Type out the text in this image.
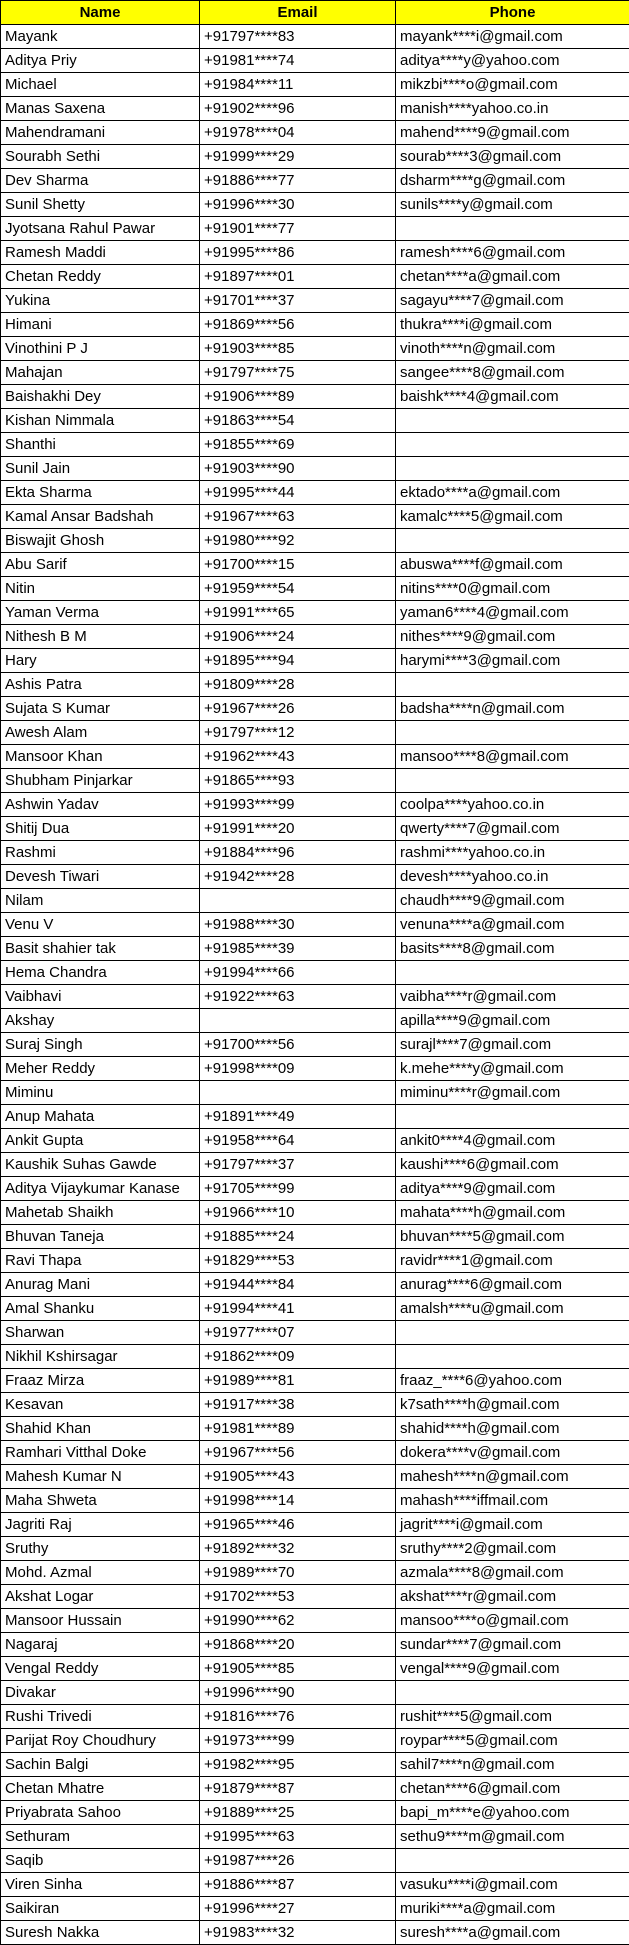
Name	Email	Phone
Mayank	+91797****83	mayank****i@gmail.com
Aditya Priy	+91981****74	aditya****y@yahoo.com
Michael	+91984****11	mikzbi****o@gmail.com
Manas Saxena	+91902****96	manish****yahoo.co.in
Mahendramani	+91978****04	mahend****9@gmail.com
Sourabh Sethi	+91999****29	sourab****3@gmail.com
Dev Sharma	+91886****77	dsharm****g@gmail.com
Sunil Shetty	+91996****30	sunils****y@gmail.com
Jyotsana Rahul Pawar	+91901****77	
Ramesh Maddi	+91995****86	ramesh****6@gmail.com
Chetan Reddy	+91897****01	chetan****a@gmail.com
Yukina	+91701****37	sagayu****7@gmail.com
Himani	+91869****56	thukra****i@gmail.com
Vinothini P J	+91903****85	vinoth****n@gmail.com
Mahajan	+91797****75	sangee****8@gmail.com
Baishakhi Dey	+91906****89	baishk****4@gmail.com
Kishan Nimmala	+91863****54	
Shanthi	+91855****69	
Sunil Jain	+91903****90	
Ekta Sharma	+91995****44	ektado****a@gmail.com
Kamal Ansar Badshah	+91967****63	kamalc****5@gmail.com
Biswajit Ghosh	+91980****92	
Abu Sarif	+91700****15	abuswa****f@gmail.com
Nitin	+91959****54	nitins****0@gmail.com
Yaman Verma	+91991****65	yaman6****4@gmail.com
Nithesh B M	+91906****24	nithes****9@gmail.com
Hary	+91895****94	harymi****3@gmail.com
Ashis Patra	+91809****28	
Sujata S Kumar	+91967****26	badsha****n@gmail.com
Awesh Alam	+91797****12	
Mansoor Khan	+91962****43	mansoo****8@gmail.com
Shubham Pinjarkar	+91865****93	
Ashwin Yadav	+91993****99	coolpa****yahoo.co.in
Shitij Dua	+91991****20	qwerty****7@gmail.com
Rashmi	+91884****96	rashmi****yahoo.co.in
Devesh Tiwari	+91942****28	devesh****yahoo.co.in
Nilam		chaudh****9@gmail.com
Venu V	+91988****30	venuna****a@gmail.com
Basit shahier tak	+91985****39	basits****8@gmail.com
Hema Chandra	+91994****66	
Vaibhavi	+91922****63	vaibha****r@gmail.com
Akshay		apilla****9@gmail.com
Suraj Singh	+91700****56	surajl****7@gmail.com
Meher Reddy	+91998****09	k.mehe****y@gmail.com
Miminu		miminu****r@gmail.com
Anup Mahata	+91891****49	
Ankit Gupta	+91958****64	ankit0****4@gmail.com
Kaushik Suhas Gawde	+91797****37	kaushi****6@gmail.com
Aditya Vijaykumar Kanase	+91705****99	aditya****9@gmail.com
Mahetab Shaikh	+91966****10	mahata****h@gmail.com
Bhuvan Taneja	+91885****24	bhuvan****5@gmail.com
Ravi Thapa	+91829****53	ravidr****1@gmail.com
Anurag Mani	+91944****84	anurag****6@gmail.com
Amal Shanku	+91994****41	amalsh****u@gmail.com
Sharwan	+91977****07	
Nikhil Kshirsagar	+91862****09	
Fraaz Mirza	+91989****81	fraaz_****6@yahoo.com
Kesavan	+91917****38	k7sath****h@gmail.com
Shahid Khan	+91981****89	shahid****h@gmail.com
Ramhari Vitthal Doke	+91967****56	dokera****v@gmail.com
Mahesh Kumar N	+91905****43	mahesh****n@gmail.com
Maha Shweta	+91998****14	mahash****iffmail.com
Jagriti Raj	+91965****46	jagrit****i@gmail.com
Sruthy	+91892****32	sruthy****2@gmail.com
Mohd. Azmal	+91989****70	azmala****8@gmail.com
Akshat Logar	+91702****53	akshat****r@gmail.com
Mansoor Hussain	+91990****62	mansoo****o@gmail.com
Nagaraj	+91868****20	sundar****7@gmail.com
Vengal Reddy	+91905****85	vengal****9@gmail.com
Divakar	+91996****90	
Rushi Trivedi	+91816****76	rushit****5@gmail.com
Parijat Roy Choudhury	+91973****99	roypar****5@gmail.com
Sachin Balgi	+91982****95	sahil7****n@gmail.com
Chetan Mhatre	+91879****87	chetan****6@gmail.com
Priyabrata Sahoo	+91889****25	bapi_m****e@yahoo.com
Sethuram	+91995****63	sethu9****m@gmail.com
Saqib	+91987****26	
Viren Sinha	+91886****87	vasuku****i@gmail.com
Saikiran	+91996****27	muriki****a@gmail.com
Suresh Nakka	+91983****32	suresh****a@gmail.com
